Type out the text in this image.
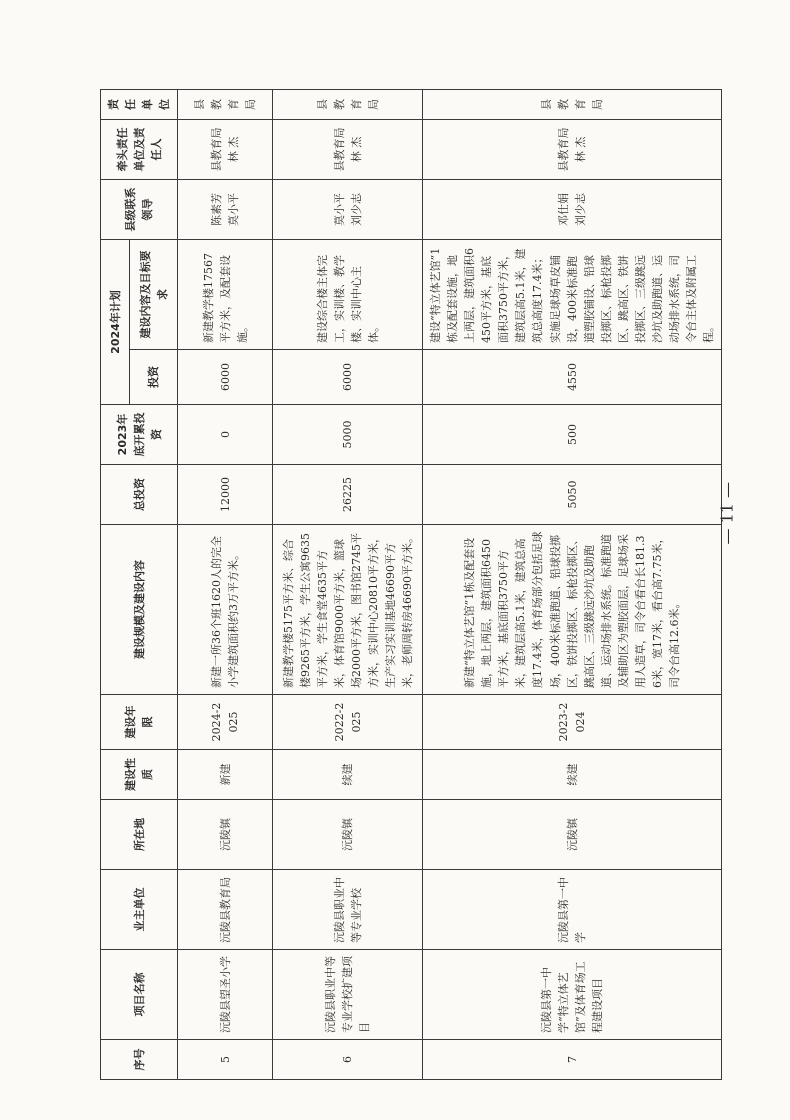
序号	项目名称	业主单位	所在地	建设性质	建设年限	建设规模及建设内容	总投资	2023年底开累投资	2024年计划		县级联系领导	牵头责任单位及责任人	责任单位
									投资	建设内容及目标要求			
5	沅陵县望圣小学	沅陵县教育局	沅陵镇	新建	2024-2025	新建一所36个班1620人的完全小学建筑面积约3万平方米。	12000	0	6000	新建教学楼17567平方米，及配套设施。	陈素芳 莫小平	县教育局 林 杰	县教育局
6	沅陵县职业中等专业学校扩建项目	沅陵县职业中等专业学校	沅陵镇	续建	2022-2025	新建教学楼5175平方米、综合楼9265平方米，学生公寓9635平方米，学生食堂4635平方米，体育馆9000平方米，篮球场2000平方米，图书馆2745平方米，实训中心20810平方米，生产实习实训基地46690平方米，老师周转房46690平方米。	26225	5000	6000	建设综合楼主体完工，实训楼、教学楼、实训中心主体。	莫小平 刘少志	县教育局 林 杰	县教育局
7	沅陵县第一中学“特立体艺馆”及体育场工程建设项目	沅陵县第一中学	沅陵镇	续建	2023-2024	新建“特立体艺馆”1栋及配套设施，地上两层，建筑面积6450平方米，基底面积3750平方米，建筑层高5.1米，建筑总高度17.4米，体育场部分包括足球场，400米标准跑道、铅球投掷区，铁饼投掷区、标枪投掷区、跳高区、三级跳远沙坑及助跑道、运动场排水系统。标准跑道及辅助区为塑胶面层，足球场采用人造草，司令台看台长181.36米，宽17米，看台高7.75米，司令台高12.6米。	5050	500	4550	建设“特立体艺馆”1栋及配套设施，地上两层，建筑面积6450平方米，基底面积3750平方米，建筑层高5.1米，建筑总高度17.4米；实施足球场草皮铺设，400米标准跑道塑胶铺设、铅球投掷区、标枪投掷区、跳高区、铁饼投掷区、三级跳远沙坑及助跑道、运动场排水系统，司令台主体及附属工程。	邓仕娟 刘少志	县教育局 林 杰	县教育局
— 11 —
